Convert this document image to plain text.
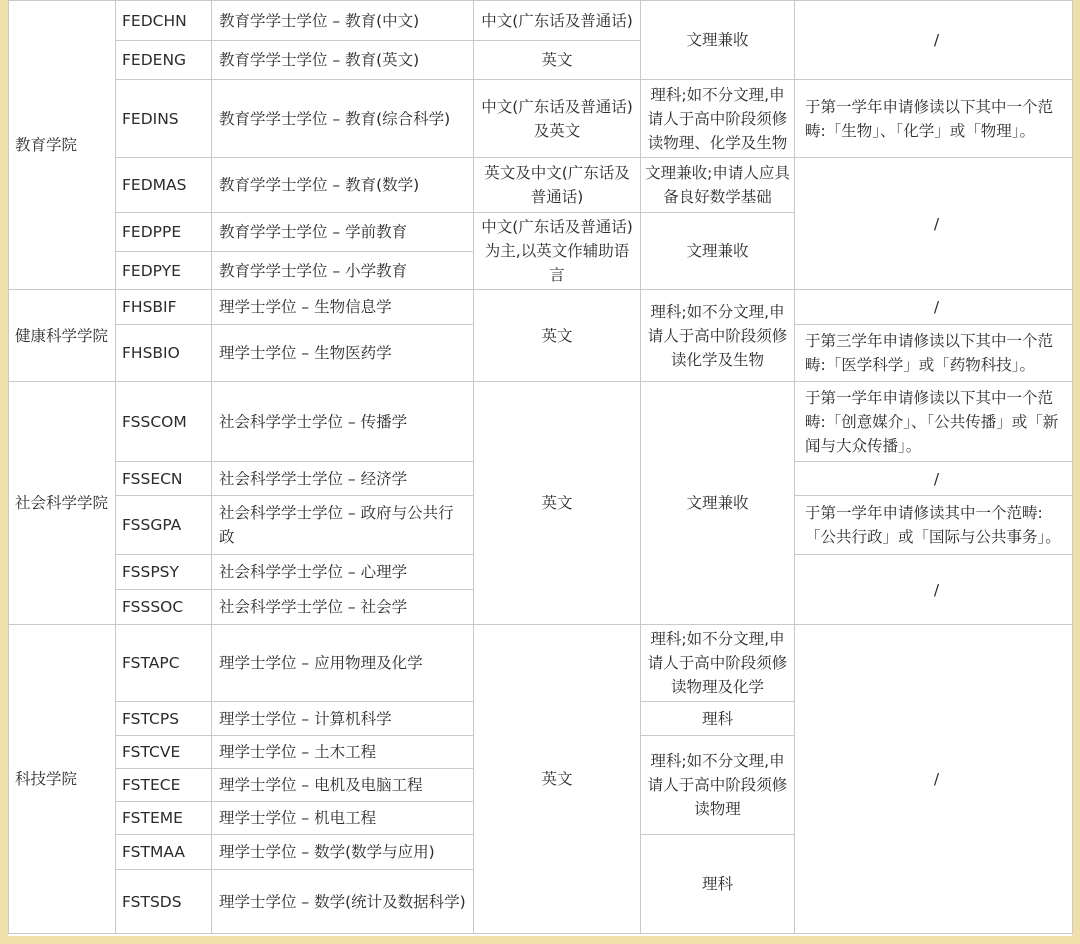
教育学院	FEDCHN	教育学学士学位 – 教育(中文)	中文(广东话及普通话)	文理兼收	/
	FEDENG	教育学学士学位 – 教育(英文)	英文		
	FEDINS	教育学学士学位 – 教育(综合科学)	中文(广东话及普通话)及英文	理科;如不分文理,申请人于高中阶段须修读物理、化学及生物	于第一学年申请修读以下其中一个范畴:「生物」、「化学」或「物理」。
	FEDMAS	教育学学士学位 – 教育(数学)	英文及中文(广东话及普通话)	文理兼收;申请人应具备良好数学基础	/
	FEDPPE	教育学学士学位 – 学前教育	中文(广东话及普通话)为主,以英文作辅助语言	文理兼收	
	FEDPYE	教育学学士学位 – 小学教育			
健康科学学院	FHSBIF	理学士学位 – 生物信息学	英文	理科;如不分文理,申请人于高中阶段须修读化学及生物	/
	FHSBIO	理学士学位 – 生物医药学			于第三学年申请修读以下其中一个范畴:「医学科学」或「药物科技」。
社会科学学院	FSSCOM	社会科学学士学位 – 传播学	英文	文理兼收	于第一学年申请修读以下其中一个范畴:「创意媒介」、「公共传播」或「新闻与大众传播」。
	FSSECN	社会科学学士学位 – 经济学			/
	FSSGPA	社会科学学士学位 – 政府与公共行政			于第一学年申请修读其中一个范畴:「公共行政」或「国际与公共事务」。
	FSSPSY	社会科学学士学位 – 心理学			/
	FSSSOC	社会科学学士学位 – 社会学			
科技学院	FSTAPC	理学士学位 – 应用物理及化学	英文	理科;如不分文理,申请人于高中阶段须修读物理及化学	/
	FSTCPS	理学士学位 – 计算机科学		理科	
	FSTCVE	理学士学位 – 土木工程		理科;如不分文理,申请人于高中阶段须修读物理	
	FSTECE	理学士学位 – 电机及电脑工程			
	FSTEME	理学士学位 – 机电工程			
	FSTMAA	理学士学位 – 数学(数学与应用)		理科	
	FSTSDS	理学士学位 – 数学(统计及数据科学)			
